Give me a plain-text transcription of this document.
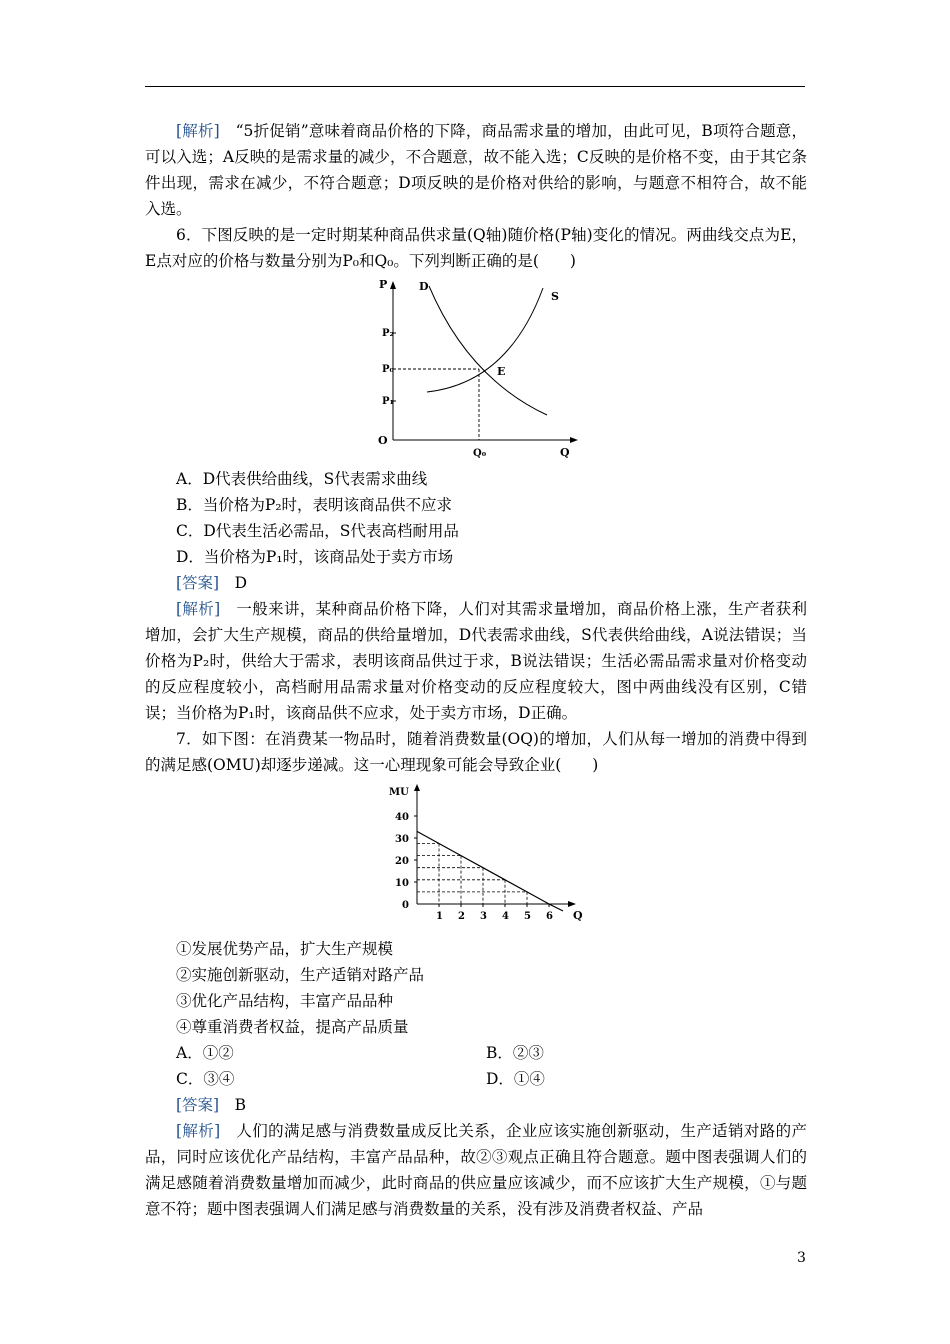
[解析]　 “5折促销”意味着商品价格的下降，商品需求量的增加，由此可见，B项符合题意，可以入选；A反映的是需求量的减少，不合题意，故不能入选；C反映的是价格不变，由于其它条件出现，需求在减少，不符合题意；D项反映的是价格对供给的影响，与题意不相符合，故不能入选。

6．下图反映的是一定时期某种商品供求量(Q轴)随价格(P轴)变化的情况。两曲线交点为E，E点对应的价格与数量分别为P₀和Q₀。下列判断正确的是(　　)

P
P₂
P₀
P₁
O
Q₀	Q
D
S
E

A．D代表供给曲线，S代表需求曲线

B．当价格为P₂时，表明该商品供不应求

C．D代表生活必需品，S代表高档耐用品

D．当价格为P₁时，该商品处于卖方市场

[答案]　 D

[解析]　 一般来讲，某种商品价格下降，人们对其需求量增加，商品价格上涨，生产者获利增加，会扩大生产规模，商品的供给量增加，D代表需求曲线，S代表供给曲线，A说法错误；当价格为P₂时，供给大于需求，表明该商品供过于求，B说法错误；生活必需品需求量对价格变动的反应程度较小，高档耐用品需求量对价格变动的反应程度较大，图中两曲线没有区别，C错误；当价格为P₁时，该商品供不应求，处于卖方市场，D正确。

7．如下图：在消费某一物品时，随着消费数量(OQ)的增加，人们从每一增加的消费中得到的满足感(OMU)却逐步递减。这一心理现象可能会导致企业(　　)

MU
Q
0
10
20
30
40
1 2 3 4 5 6

①发展优势产品，扩大生产规模

②实施创新驱动，生产适销对路产品

③优化产品结构，丰富产品品种

④尊重消费者权益，提高产品质量

A．①②	B．②③
C．③④	D．①④

[答案]　 B

[解析]　 人们的满足感与消费数量成反比关系，企业应该实施创新驱动，生产适销对路的产品，同时应该优化产品结构，丰富产品品种，故②③观点正确且符合题意。题中图表强调人们的满足感随着消费数量增加而减少，此时商品的供应量应该减少，而不应该扩大生产规模，①与题意不符；题中图表强调人们满足感与消费数量的关系，没有涉及消费者权益、产品

3
